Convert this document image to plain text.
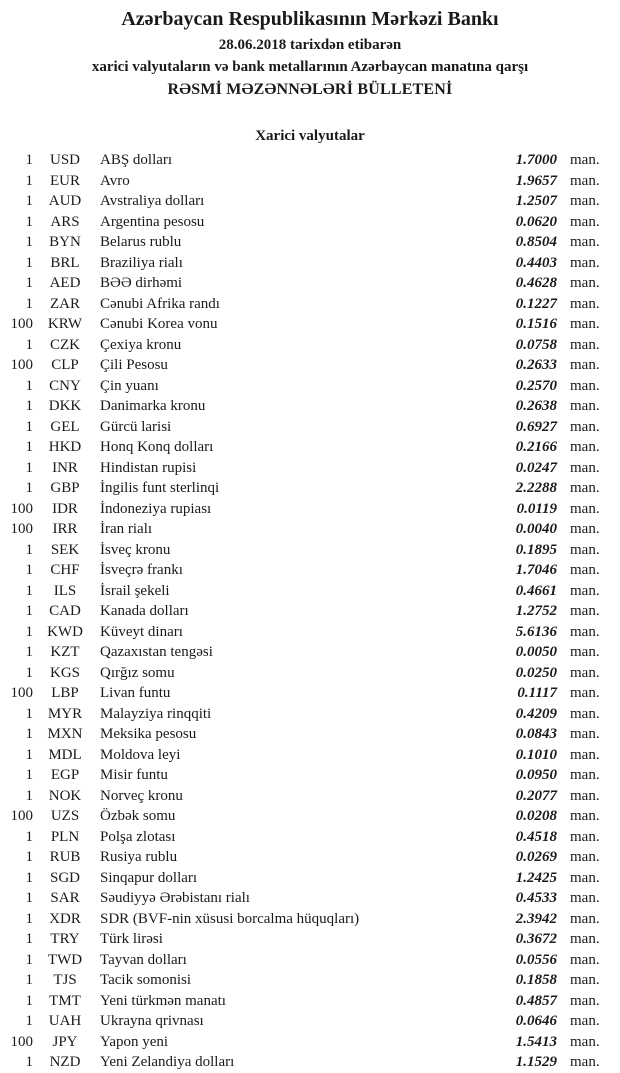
Azərbaycan Respublikasının Mərkəzi Bankı
28.06.2018 tarixdən etibarən
xarici valyutaların və bank metallarının Azərbaycan manatına qarşı
RƏSMİ MƏZƏNNƏLƏRİ BÜLLETENİ
Xarici valyutalar
1	USD	ABŞ dolları	1.7000 man.
1	EUR	Avro	1.9657 man.
1	AUD	Avstraliya dolları	1.2507 man.
1	ARS	Argentina pesosu	0.0620 man.
1	BYN	Belarus rublu	0.8504 man.
1	BRL	Braziliya rialı	0.4403 man.
1	AED	BƏƏ dirhəmi	0.4628 man.
1	ZAR	Cənubi Afrika randı	0.1227 man.
100 KRW	Cənubi Korea vonu	0.1516 man.
1	CZK	Çexiya kronu	0.0758 man.
100	CLP	Çili Pesosu	0.2633 man.
1	CNY	Çin yuanı	0.2570 man.
1	DKK	Danimarka kronu	0.2638 man.
1	GEL	Gürcü larisi	0.6927 man.
1	HKD	Honq Konq dolları	0.2166 man.
1	INR	Hindistan rupisi	0.0247 man.
1	GBP	İngilis funt sterlinqi	2.2288 man.
100	IDR	İndoneziya rupiası	0.0119 man.
100	IRR	İran rialı	0.0040 man.
1	SEK	İsveç kronu	0.1895 man.
1	CHF	İsveçrə frankı	1.7046 man.
1	ILS	İsrail şekeli	0.4661 man.
1	CAD	Kanada dolları	1.2752 man.
1 KWD	Küveyt dinarı	5.6136 man.
1	KZT	Qazaxıstan tengəsi	0.0050 man.
1	KGS	Qırğız somu	0.0250 man.
100	LBP	Livan funtu	0.1117 man.
1 MYR	Malayziya rinqqiti	0.4209 man.
1 MXN	Meksika pesosu	0.0843 man.
1	MDL	Moldova leyi	0.1010 man.
1	EGP	Misir funtu	0.0950 man.
1	NOK	Norveç kronu	0.2077 man.
100	UZS	Özbək somu	0.0208 man.
1	PLN	Polşa zlotası	0.4518 man.
1	RUB	Rusiya rublu	0.0269 man.
1	SGD	Sinqapur dolları	1.2425 man.
1	SAR	Səudiyyə Ərəbistanı rialı	0.4533 man.
1	XDR	SDR (BVF-nin xüsusi borcalma hüquqları)	2.3942 man.
1	TRY	Türk lirəsi	0.3672 man.
1 TWD	Tayvan dolları	0.0556 man.
1	TJS	Tacik somonisi	0.1858 man.
1	TMT	Yeni türkmən manatı	0.4857 man.
1	UAH	Ukrayna qrivnası	0.0646 man.
100	JPY	Yapon yeni	1.5413 man.
1	NZD	Yeni Zelandiya dolları	1.1529 man.
